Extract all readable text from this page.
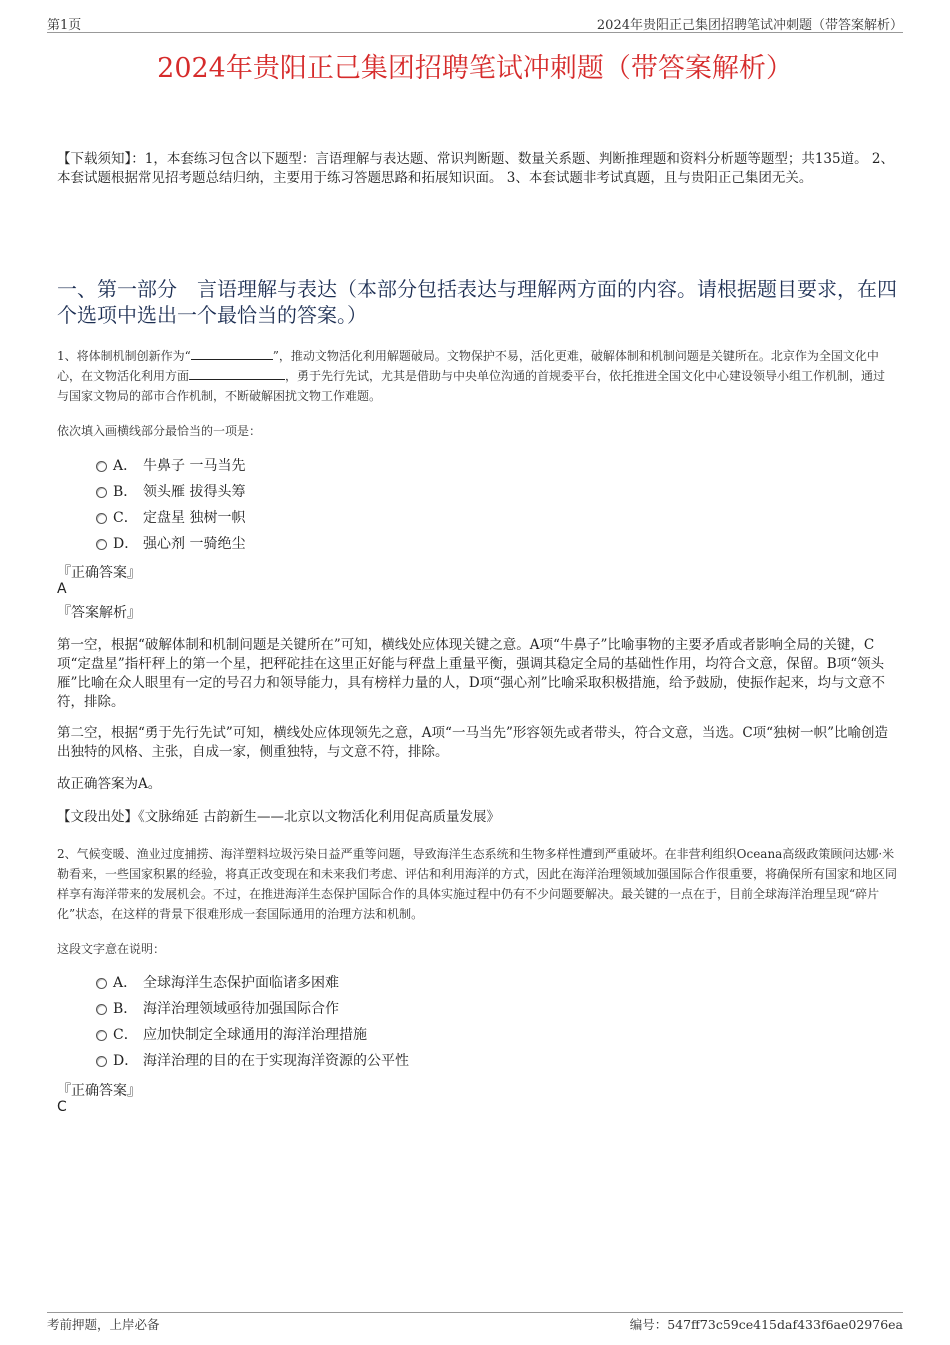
第1页	2024年贵阳正己集团招聘笔试冲刺题（带答案解析）
2024年贵阳正己集团招聘笔试冲刺题（带答案解析）
【下载须知】：1，本套练习包含以下题型：言语理解与表达题、常识判断题、数量关系题、判断推理题和资料分析题等题型；共135道。 2、本套试题根据常见招考题总结归纳，主要用于练习答题思路和拓展知识面。 3、本套试题非考试真题，且与贵阳正己集团无关。
一、第一部分　言语理解与表达（本部分包括表达与理解两方面的内容。请根据题目要求，在四个选项中选出一个最恰当的答案。）
1、将体制机制创新作为“	”，推动文物活化利用解题破局。文物保护不易，活化更难，破解体制和机制问题是关键所在。北京作为全国文化中心，在文物活化利用方面	，勇于先行先试，尤其是借助与中央单位沟通的首规委平台，依托推进全国文化中心建设领导小组工作机制，通过与国家文物局的部市合作机制，不断破解困扰文物工作难题。
依次填入画横线部分最恰当的一项是：
A． 牛鼻子 一马当先
B． 领头雁 拔得头筹
C． 定盘星 独树一帜
D． 强心剂 一骑绝尘
『正确答案』
A
『答案解析』
第一空，根据“破解体制和机制问题是关键所在”可知，横线处应体现关键之意。A项“牛鼻子”比喻事物的主要矛盾或者影响全局的关键，C项“定盘星”指杆秤上的第一个星，把秤砣挂在这里正好能与秤盘上重量平衡，强调其稳定全局的基础性作用，均符合文意，保留。B项“领头雁”比喻在众人眼里有一定的号召力和领导能力，具有榜样力量的人，D项“强心剂”比喻采取积极措施，给予鼓励，使振作起来，均与文意不符，排除。
第二空，根据“勇于先行先试”可知，横线处应体现领先之意，A项“一马当先”形容领先或者带头，符合文意，当选。C项“独树一帜”比喻创造出独特的风格、主张，自成一家，侧重独特，与文意不符，排除。
故正确答案为A。
【文段出处】《文脉绵延 古韵新生——北京以文物活化利用促高质量发展》
2、气候变暖、渔业过度捕捞、海洋塑料垃圾污染日益严重等问题，导致海洋生态系统和生物多样性遭到严重破坏。在非营利组织Oceana高级政策顾问达娜·米勒看来，一些国家积累的经验，将真正改变现在和未来我们考虑、评估和利用海洋的方式，因此在海洋治理领域加强国际合作很重要，将确保所有国家和地区同样享有海洋带来的发展机会。不过，在推进海洋生态保护国际合作的具体实施过程中仍有不少问题要解决。最关键的一点在于，目前全球海洋治理呈现“碎片化”状态，在这样的背景下很难形成一套国际通用的治理方法和机制。
这段文字意在说明：
A． 全球海洋生态保护面临诸多困难
B． 海洋治理领域亟待加强国际合作
C． 应加快制定全球通用的海洋治理措施
D． 海洋治理的目的在于实现海洋资源的公平性
『正确答案』
C
考前押题，上岸必备	编号：547ff73c59ce415daf433f6ae02976ea
